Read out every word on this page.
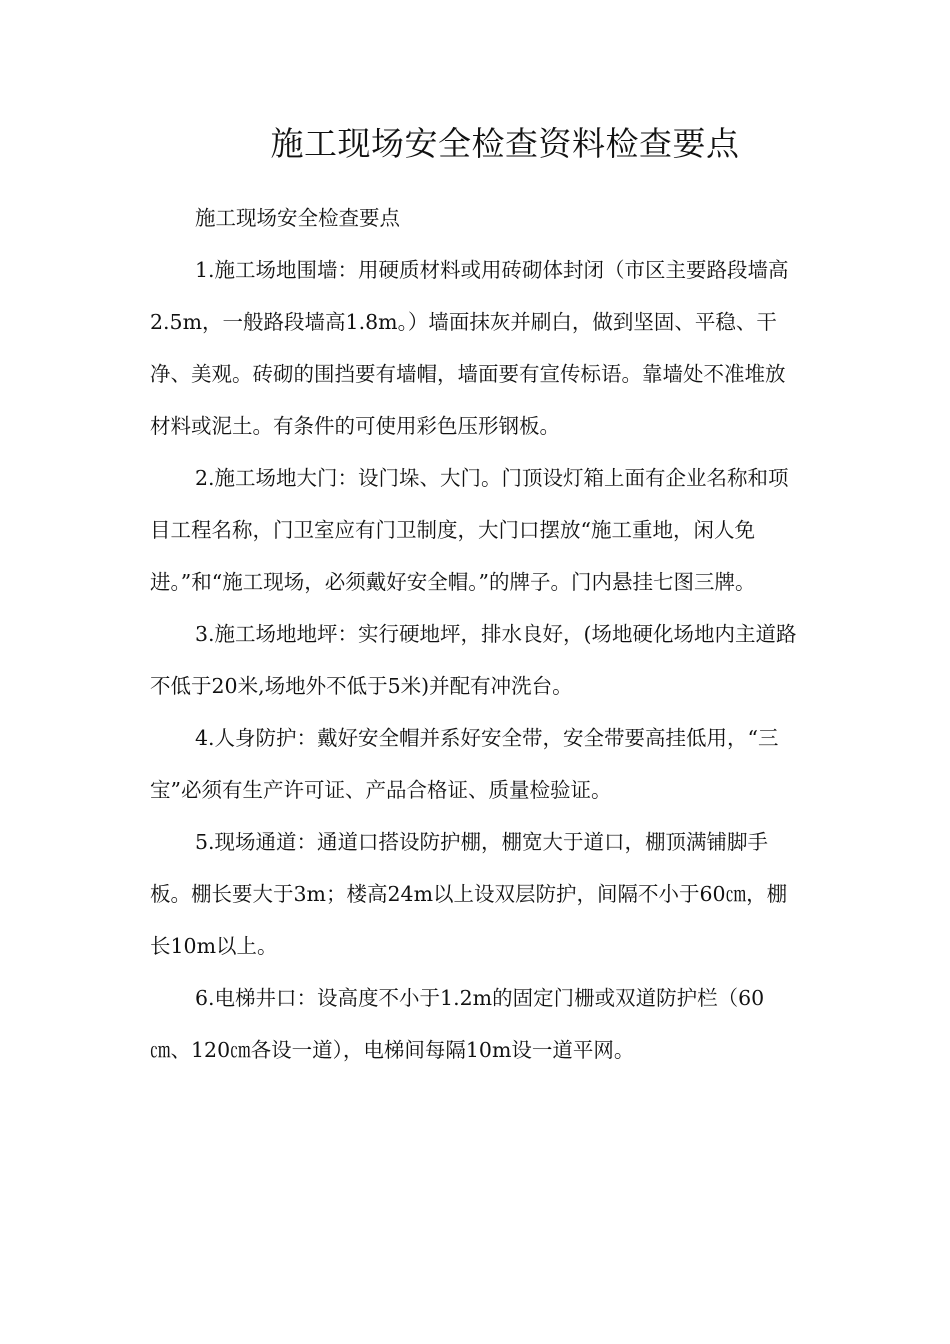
施工现场安全检查资料检查要点

施工现场安全检查要点

1.施工场地围墙：用硬质材料或用砖砌体封闭（市区主要路段墙高2.5m，一般路段墙高1.8m。）墙面抹灰并刷白，做到坚固、平稳、干净、美观。砖砌的围挡要有墙帽，墙面要有宣传标语。靠墙处不准堆放材料或泥土。有条件的可使用彩色压形钢板。

2.施工场地大门：设门垛、大门。门顶设灯箱上面有企业名称和项目工程名称，门卫室应有门卫制度，大门口摆放“施工重地，闲人免进。”和“施工现场，必须戴好安全帽。”的牌子。门内悬挂七图三牌。

3.施工场地地坪：实行硬地坪，排水良好，(场地硬化场地内主道路不低于20米,场地外不低于5米)并配有冲洗台。

4.人身防护：戴好安全帽并系好安全带，安全带要高挂低用，“三宝”必须有生产许可证、产品合格证、质量检验证。

5.现场通道：通道口搭设防护棚，棚宽大于道口，棚顶满铺脚手板。棚长要大于3m；楼高24m以上设双层防护，间隔不小于60㎝，棚长10m以上。

6.电梯井口：设高度不小于1.2m的固定门栅或双道防护栏（60㎝、120㎝各设一道），电梯间每隔10m设一道平网。
